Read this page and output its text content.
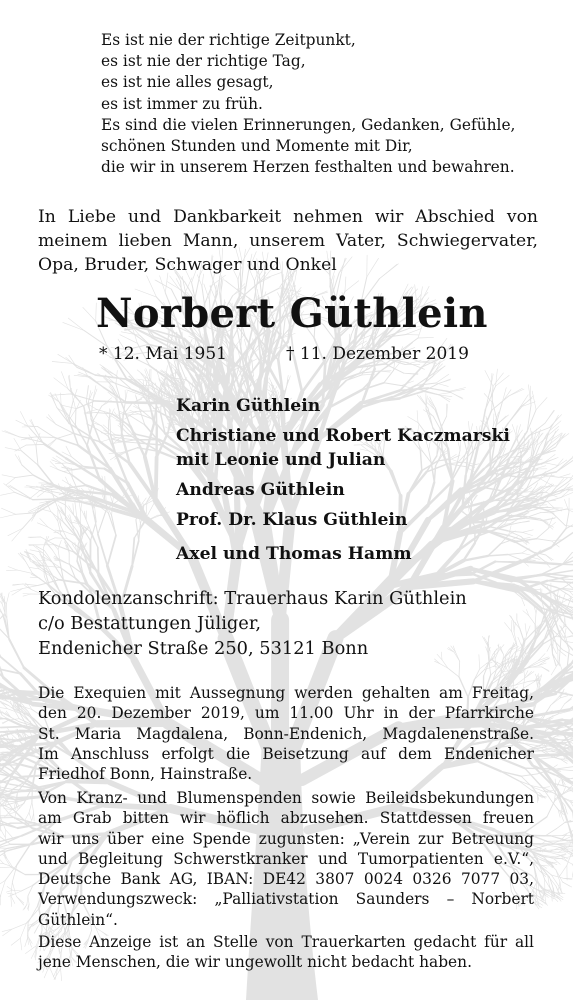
Es ist nie der richtige Zeitpunkt,
es ist nie der richtige Tag,
es ist nie alles gesagt,
es ist immer zu früh.
Es sind die vielen Erinnerungen, Gedanken, Gefühle,
schönen Stunden und Momente mit Dir,
die wir in unserem Herzen festhalten und bewahren.
In Liebe und Dankbarkeit nehmen wir Abschied von meinem lieben Mann, unserem Vater, Schwiegervater, Opa, Bruder, Schwager und Onkel
Norbert Güthlein
* 12. Mai 1951	† 11. Dezember 2019
Karin Güthlein
Christiane und Robert Kaczmarski
mit Leonie und Julian
Andreas Güthlein
Prof. Dr. Klaus Güthlein
Axel und Thomas Hamm
Kondolenzanschrift: Trauerhaus Karin Güthlein
c/o Bestattungen Jüliger,
Endenicher Straße 250, 53121 Bonn
Die Exequien mit Aussegnung werden gehalten am Freitag,
den 20. Dezember 2019, um 11.00 Uhr in der Pfarrkirche
St. Maria Magdalena, Bonn-Endenich, Magdalenenstraße.
Im Anschluss erfolgt die Beisetzung auf dem Endenicher
Friedhof Bonn, Hainstraße.
Von Kranz- und Blumenspenden sowie Beileidsbekundungen
am Grab bitten wir höflich abzusehen. Stattdessen freuen
wir uns über eine Spende zugunsten: „Verein zur Betreuung
und Begleitung Schwerstkranker und Tumorpatienten e.V.“,
Deutsche Bank AG, IBAN: DE42 3807 0024 0326 7077 03,
Verwendungszweck: „Palliativstation Saunders – Norbert
Güthlein“.
Diese Anzeige ist an Stelle von Trauerkarten gedacht für all
jene Menschen, die wir ungewollt nicht bedacht haben.
